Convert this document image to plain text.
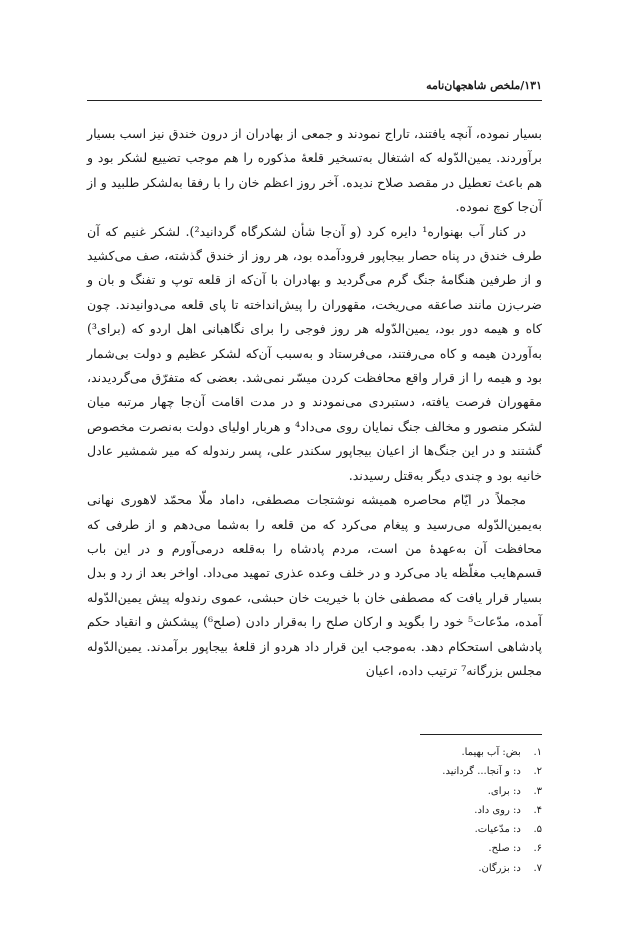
۱۳۱/ملخص شاهجهان‌نامه

بسیار نموده، آنچه یافتند، تاراج نمودند و جمعی از بهادران از درون خندق نیز اسب بسیار برآوردند. یمین‌الدّوله که اشتغال به‌تسخیر قلعهٔ مذکوره را هم موجب تضییع لشکر بود و هم باعث تعطیل در مقصد صلاح ندیده. آخر روز اعظم خان را با رفقا به‌لشکر طلبید و از آن‌جا کوچ نموده.

در کنار آب بهنواره¹ دایره کرد (و آن‌جا شأن لشکرگاه گردانید²). لشکر غنیم که آن طرف خندق در پناه حصار بیجاپور فرودآمده بود، هر روز از خندق گذشته، صف می‌کشید و از طرفین هنگامهٔ جنگ گرم می‌گردید و بهادران با آن‌که از قلعه توپ و تفنگ و بان و ضرب‌زن مانند صاعقه می‌ریخت، مقهوران را پیش‌انداخته تا پای قلعه می‌دوانیدند. چون کاه و هیمه دور بود، یمین‌الدّوله هر روز فوجی را برای نگاهبانی اهل اردو که (برای³) به‌آوردن هیمه و کاه می‌رفتند، می‌فرستاد و به‌سبب آن‌که لشکر عظیم و دولت بی‌شمار بود و هیمه را از قرار واقع محافظت کردن میسّر نمی‌شد. بعضی که متفرّق می‌گردیدند، مقهوران فرصت یافته، دستبردی می‌نمودند و در مدت اقامت آن‌جا چهار مرتبه میان لشکر منصور و مخالف جنگ نمایان روی می‌داد⁴ و هربار اولیای دولت به‌نصرت مخصوص گشتند و در این جنگ‌ها از اعیان بیجاپور سکندر علی، پسر رندوله که میر شمشیر عادل خانیه بود و چندی دیگر به‌قتل رسیدند.

مجملاً در ایّام محاصره همیشه نوشتجات مصطفی، داماد ملّا محمّد لاهوری نهانی به‌یمین‌الدّوله می‌رسید و پیغام می‌کرد که من قلعه را به‌شما می‌دهم و از طرفی که محافظت آن به‌عهدهٔ من است، مردم پادشاه را به‌قلعه درمی‌آورم و در این باب قسم‌هایب مغلّظه یاد می‌کرد و در خلف وعده عذری تمهید می‌داد. اواخر بعد از رد و بدل بسیار قرار یافت که مصطفی خان با خیریت خان حبشی، عموی رندوله پیش یمین‌الدّوله آمده، مدّعات⁵ خود را بگوید و ارکان صلح را به‌قرار دادن (صلح⁶) پیشکش و انقیاد حکم پادشاهی استحکام دهد. به‌موجب این قرار داد هردو از قلعهٔ بیجاپور برآمدند. یمین‌الدّوله مجلس بزرگانه⁷ ترتیب داده، اعیان

۱. بض: آب بهیما.
۲. د: و آنجا... گردانید.
۳. د: برای.
۴. د: روی داد.
۵. د: مدّعیات.
۶. د: صلح.
۷. د: بزرگان.
